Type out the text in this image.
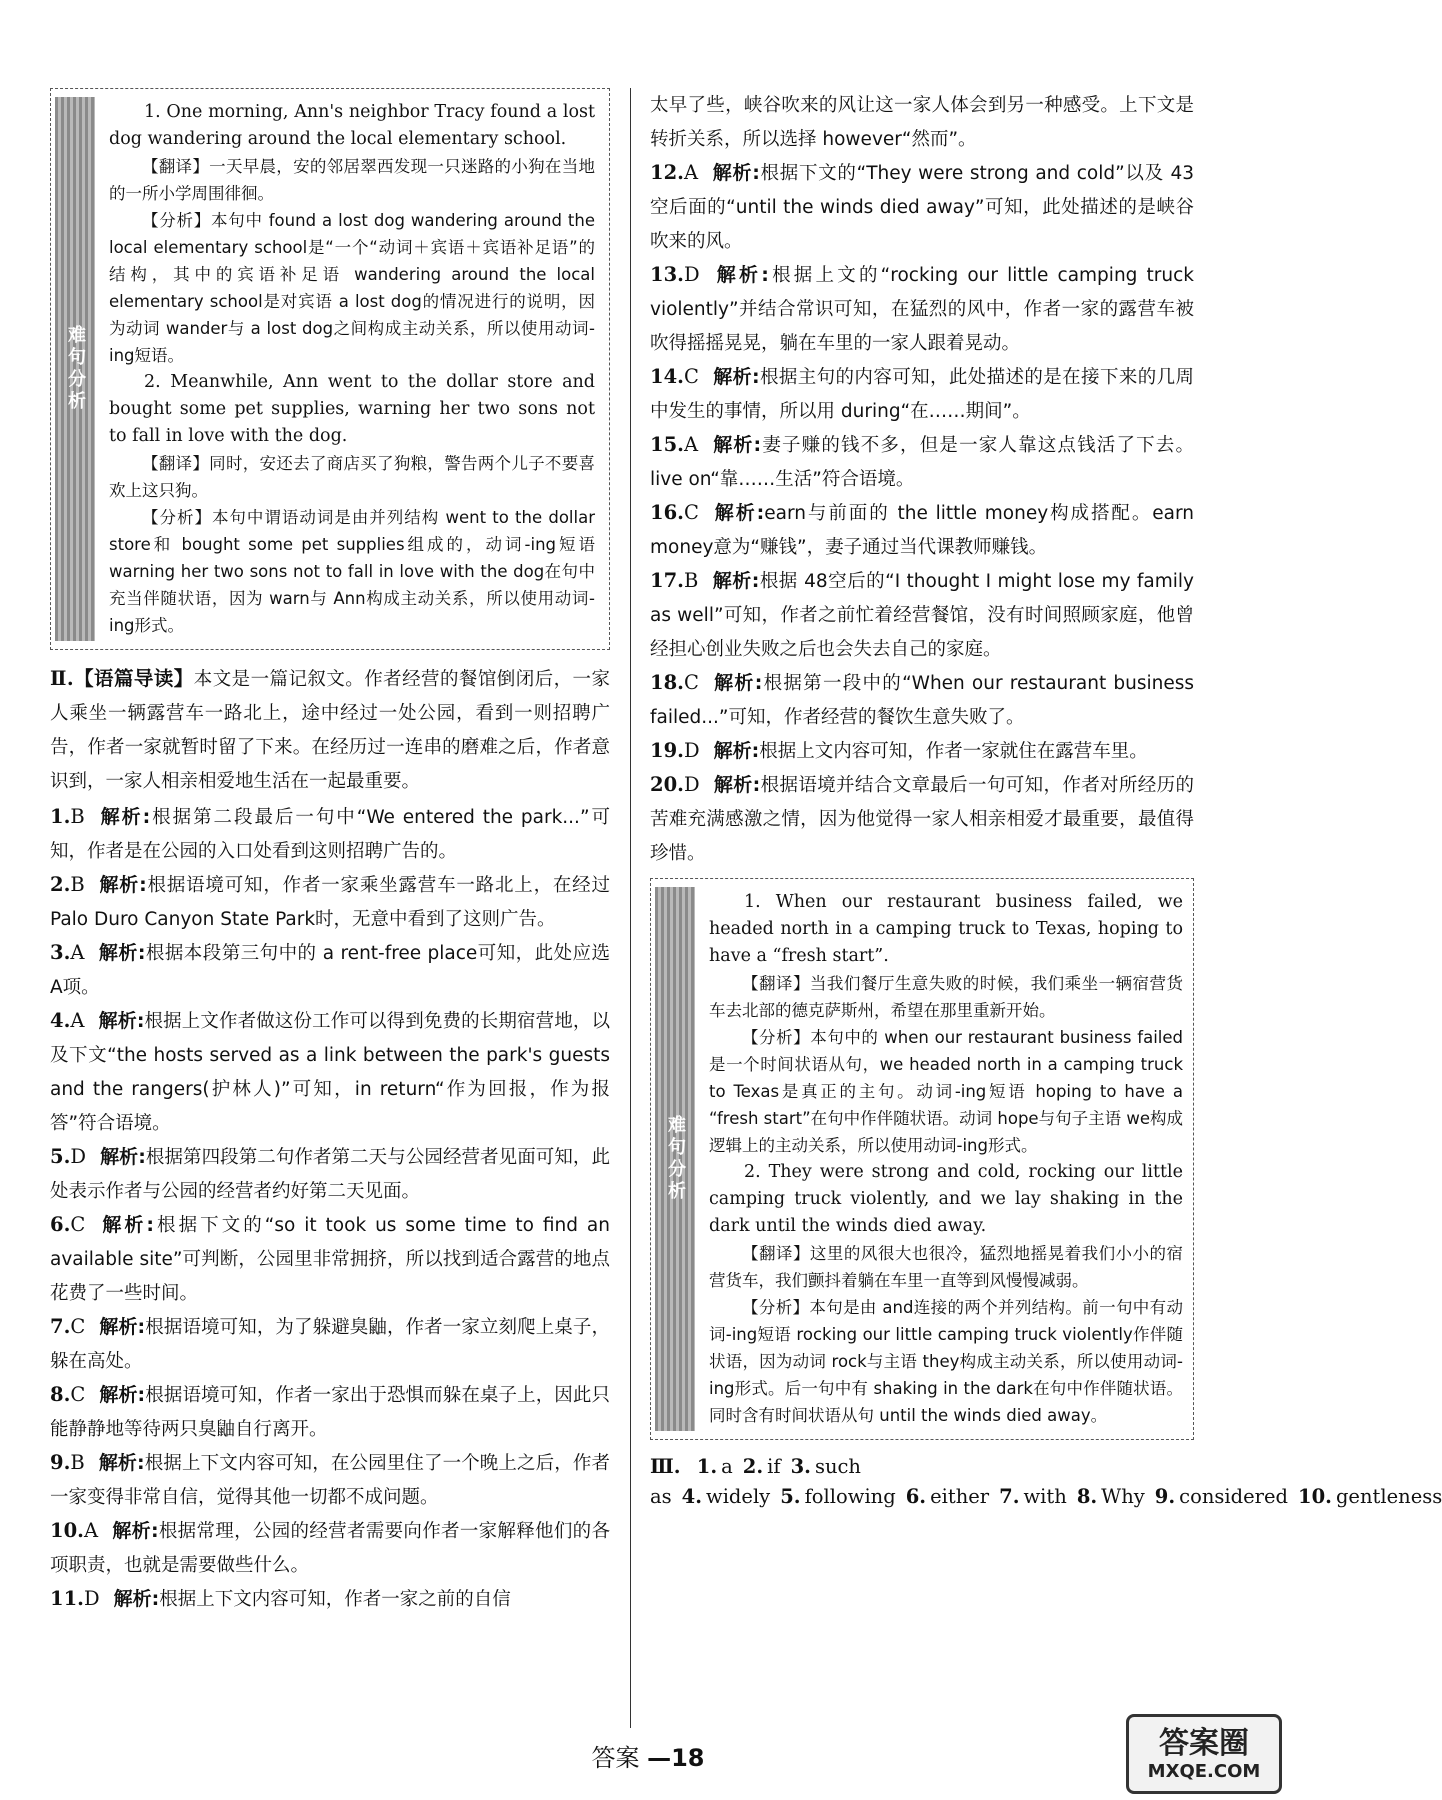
难句分析

1. One morning, Ann's neighbor Tracy found a lost dog wandering around the local elementary school.

【翻译】一天早晨，安的邻居翠西发现一只迷路的小狗在当地的一所小学周围徘徊。

【分析】本句中 found a lost dog wandering around the local elementary school是“一个“动词＋宾语＋宾语补足语”的结构，其中的宾语补足语 wandering around the local elementary school是对宾语 a lost dog的情况进行的说明，因为动词 wander与 a lost dog之间构成主动关系，所以使用动词-ing短语。

2. Meanwhile, Ann went to the dollar store and bought some pet supplies, warning her two sons not to fall in love with the dog.

【翻译】同时，安还去了商店买了狗粮，警告两个儿子不要喜欢上这只狗。

【分析】本句中谓语动词是由并列结构 went to the dollar store和 bought some pet supplies组成的，动词-ing短语 warning her two sons not to fall in love with the dog在句中充当伴随状语，因为 warn与 Ann构成主动关系，所以使用动词-ing形式。

Ⅱ.【语篇导读】本文是一篇记叙文。作者经营的餐馆倒闭后，一家人乘坐一辆露营车一路北上，途中经过一处公园，看到一则招聘广告，作者一家就暂时留了下来。在经历过一连串的磨难之后，作者意识到，一家人相亲相爱地生活在一起最重要。

1.B 解析:根据第二段最后一句中“We entered the park...”可知，作者是在公园的入口处看到这则招聘广告的。

2.B 解析:根据语境可知，作者一家乘坐露营车一路北上，在经过 Palo Duro Canyon State Park时，无意中看到了这则广告。

3.A 解析:根据本段第三句中的 a rent-free place可知，此处应选 A项。

4.A 解析:根据上文作者做这份工作可以得到免费的长期宿营地，以及下文“the hosts served as a link between the park's guests and the rangers(护林人)”可知，in return“作为回报，作为报答”符合语境。

5.D 解析:根据第四段第二句作者第二天与公园经营者见面可知，此处表示作者与公园的经营者约好第二天见面。

6.C 解析:根据下文的“so it took us some time to find an available site”可判断，公园里非常拥挤，所以找到适合露营的地点花费了一些时间。

7.C 解析:根据语境可知，为了躲避臭鼬，作者一家立刻爬上桌子，躲在高处。

8.C 解析:根据语境可知，作者一家出于恐惧而躲在桌子上，因此只能静静地等待两只臭鼬自行离开。

9.B 解析:根据上下文内容可知，在公园里住了一个晚上之后，作者一家变得非常自信，觉得其他一切都不成问题。

10.A 解析:根据常理，公园的经营者需要向作者一家解释他们的各项职责，也就是需要做些什么。

11.D 解析:根据上下文内容可知，作者一家之前的自信

太早了些，峡谷吹来的风让这一家人体会到另一种感受。上下文是转折关系，所以选择 however“然而”。

12.A 解析:根据下文的“They were strong and cold”以及 43空后面的“until the winds died away”可知，此处描述的是峡谷吹来的风。

13.D 解析:根据上文的“rocking our little camping truck violently”并结合常识可知，在猛烈的风中，作者一家的露营车被吹得摇摇晃晃，躺在车里的一家人跟着晃动。

14.C 解析:根据主句的内容可知，此处描述的是在接下来的几周中发生的事情，所以用 during“在……期间”。

15.A 解析:妻子赚的钱不多，但是一家人靠这点钱活了下去。live on“靠……生活”符合语境。

16.C 解析:earn与前面的 the little money构成搭配。earn money意为“赚钱”，妻子通过当代课教师赚钱。

17.B 解析:根据 48空后的“I thought I might lose my family as well”可知，作者之前忙着经营餐馆，没有时间照顾家庭，他曾经担心创业失败之后也会失去自己的家庭。

18.C 解析:根据第一段中的“When our restaurant business failed...”可知，作者经营的餐饮生意失败了。

19.D 解析:根据上文内容可知，作者一家就住在露营车里。

20.D 解析:根据语境并结合文章最后一句可知，作者对所经历的苦难充满感激之情，因为他觉得一家人相亲相爱才最重要，最值得珍惜。

难句分析

1. When our restaurant business failed, we headed north in a camping truck to Texas, hoping to have a “fresh start”.

【翻译】当我们餐厅生意失败的时候，我们乘坐一辆宿营货车去北部的德克萨斯州，希望在那里重新开始。

【分析】本句中的 when our restaurant business failed是一个时间状语从句，we headed north in a camping truck to Texas是真正的主句。动词-ing短语 hoping to have a “fresh start”在句中作伴随状语。动词 hope与句子主语 we构成逻辑上的主动关系，所以使用动词-ing形式。

2. They were strong and cold, rocking our little camping truck violently, and we lay shaking in the dark until the winds died away.

【翻译】这里的风很大也很冷，猛烈地摇晃着我们小小的宿营货车，我们颤抖着躺在车里一直等到风慢慢减弱。

【分析】本句是由 and连接的两个并列结构。前一句中有动词-ing短语 rocking our little camping truck violently作伴随状语，因为动词 rock与主语 they构成主动关系，所以使用动词-ing形式。后一句中有 shaking in the dark在句中作伴随状语。同时含有时间状语从句 until the winds died away。

Ⅲ. 1. a 2. if 3. such as 4. widely 5. following 6. either 7. with 8. Why 9. considered 10. gentleness
答案 —18	答案圈
MXQE.COM
